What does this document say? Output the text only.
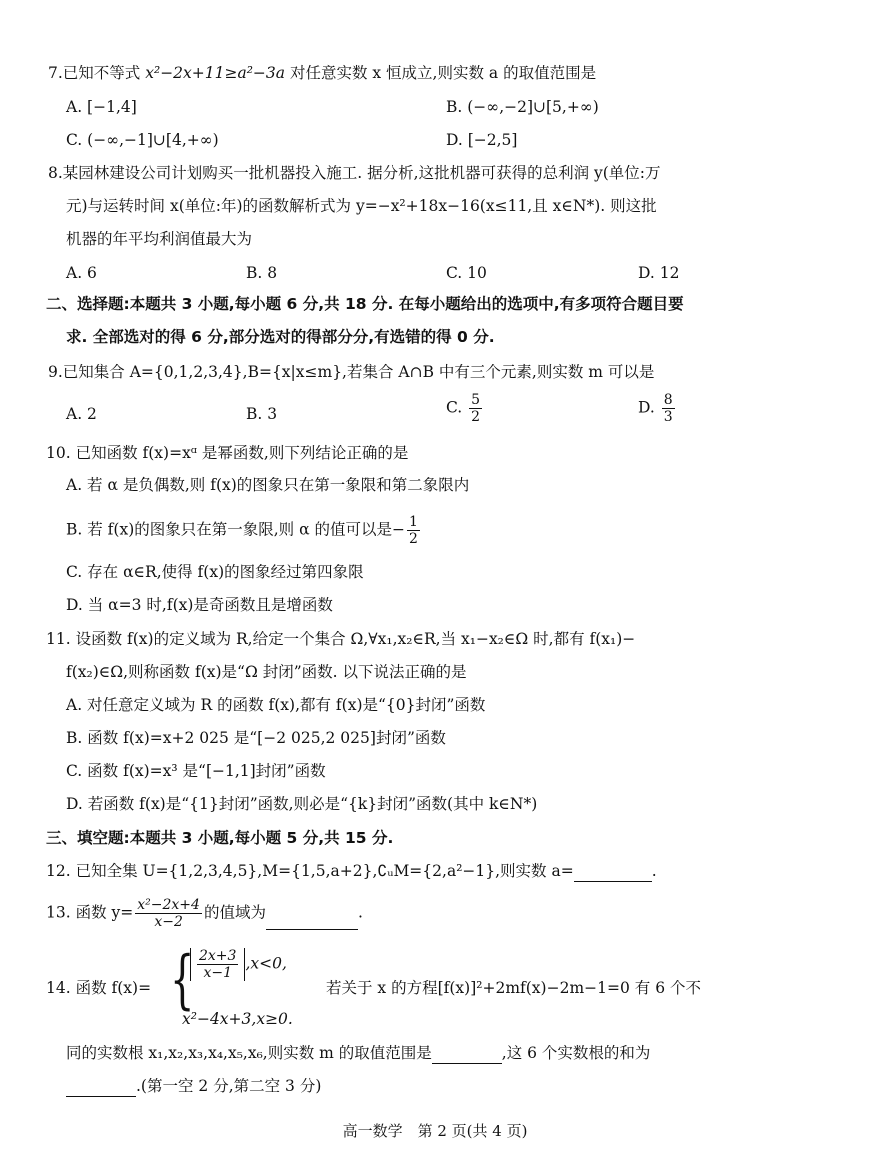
7.已知不等式 x²−2x+11≥a²−3a 对任意实数 x 恒成立,则实数 a 的取值范围是
A. [−1,4]	B. (−∞,−2]∪[5,+∞)
C. (−∞,−1]∪[4,+∞)	D. [−2,5]
8.某园林建设公司计划购买一批机器投入施工. 据分析,这批机器可获得的总利润 y(单位:万
元)与运转时间 x(单位:年)的函数解析式为 y=−x²+18x−16(x≤11,且 x∈N*). 则这批
机器的年平均利润值最大为
A. 6	B. 8	C. 10	D. 12
二、选择题:本题共 3 小题,每小题 6 分,共 18 分. 在每小题给出的选项中,有多项符合题目要
求. 全部选对的得 6 分,部分选对的得部分分,有选错的得 0 分.
9.已知集合 A={0,1,2,3,4},B={x|x≤m},若集合 A∩B 中有三个元素,则实数 m 可以是
A. 2	B. 3	C. $\frac{5}{2}$	D. $\frac{8}{3}$
10. 已知函数 f(x)=xᵅ 是幂函数,则下列结论正确的是
A. 若 α 是负偶数,则 f(x)的图象只在第一象限和第二象限内
B. 若 f(x)的图象只在第一象限,则 α 的值可以是− $\frac{1}{2}$
C. 存在 α∈R,使得 f(x)的图象经过第四象限
D. 当 α=3 时,f(x)是奇函数且是增函数
11. 设函数 f(x)的定义域为 R,给定一个集合 Ω,∀x₁,x₂∈R,当 x₁−x₂∈Ω 时,都有 f(x₁)−
f(x₂)∈Ω,则称函数 f(x)是“Ω 封闭”函数. 以下说法正确的是
A. 对任意定义域为 R 的函数 f(x),都有 f(x)是“{0}封闭”函数
B. 函数 f(x)=x+2 025 是“[−2 025,2 025]封闭”函数
C. 函数 f(x)=x³ 是“[−1,1]封闭”函数
D. 若函数 f(x)是“{1}封闭”函数,则必是“{k}封闭”函数(其中 k∈N*)
三、填空题:本题共 3 小题,每小题 5 分,共 15 分.
12. 已知全集 U={1,2,3,4,5},M={1,5,a+2},∁ᵤM={2,a²−1},则实数 a=	.
13. 函数 $y= \frac{\text{x²−2x+4}}{x-2}$ 的值域为	.
14. 函数 f(x)= { $\frac{2x+3}{x-1} ,x<0$,
x²−4x+3,x≥0.
若关于 x 的方程[f(x)]²+2mf(x)−2m−1=0 有 6 个不
同的实数根 x₁,x₂,x₃,x₄,x₅,x₆,则实数 m 的取值范围是	,这 6 个实数根的和为
.(第一空 2 分,第二空 3 分)
高一数学　第 2 页(共 4 页)
